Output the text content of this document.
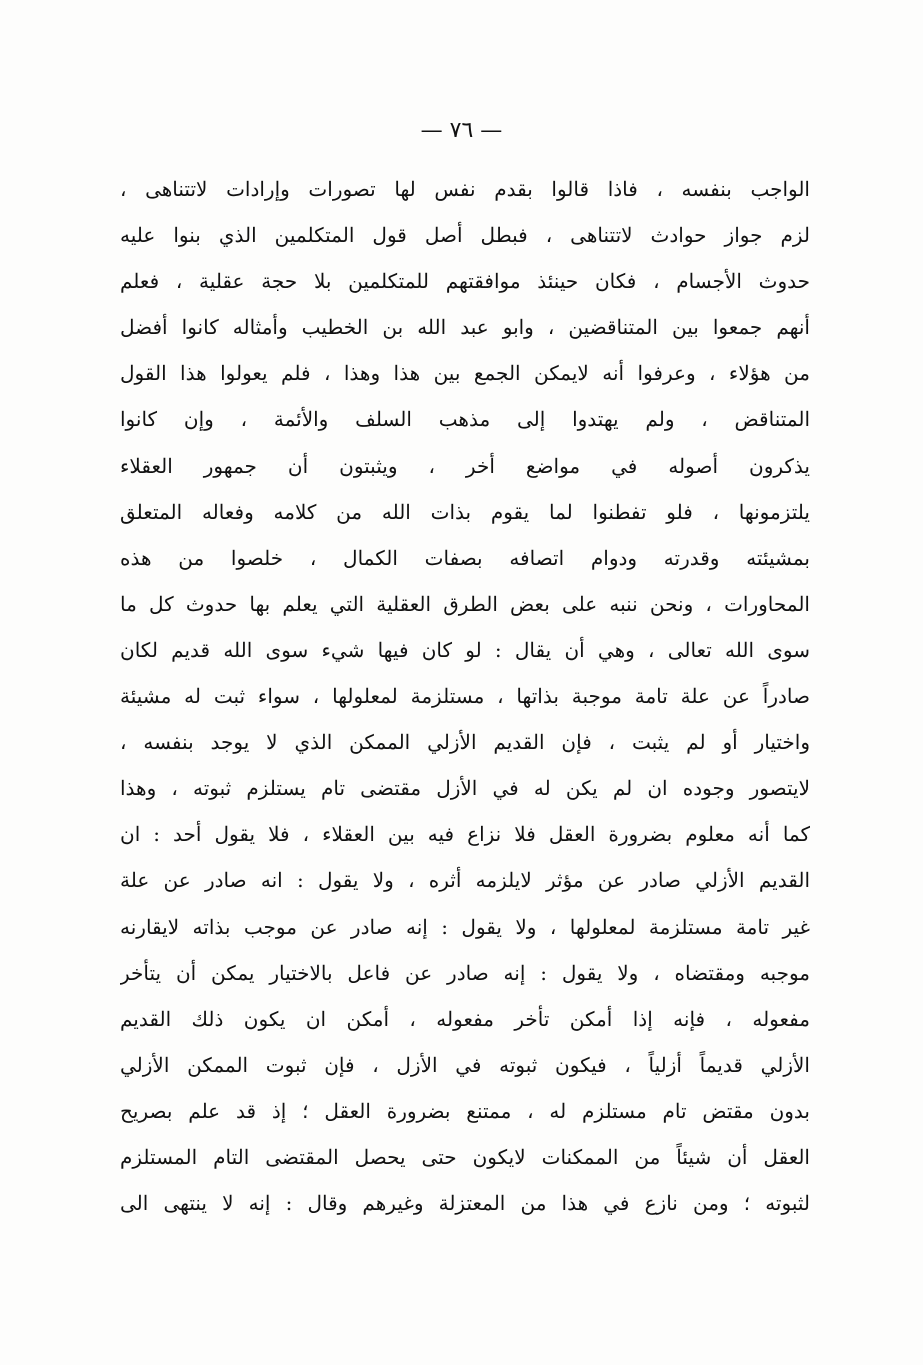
— ٧٦ —
الواجب بنفسه ، فاذا قالوا بقدم نفس لها تصورات وإرادات لاتتناهى ،
لزم جواز حوادث لاتتناهى ، فبطل أصل قول المتكلمين الذي بنوا عليه
حدوث الأجسام ، فكان حينئذ موافقتهم للمتكلمين بلا حجة عقلية ، فعلم
أنهم جمعوا بين المتناقضين ، وابو عبد الله بن الخطيب وأمثاله كانوا أفضل
من هؤلاء ، وعرفوا أنه لايمكن الجمع بين هذا وهذا ، فلم يعولوا هذا القول
المتناقض ، ولم يهتدوا إلى مذهب السلف والأئمة ، وإن كانوا
يذكرون أصوله في مواضع أخر ، ويثبتون أن جمهور العقلاء
يلتزمونها ، فلو تفطنوا لما يقوم بذات الله من كلامه وفعاله المتعلق
بمشيئته وقدرته ودوام اتصافه بصفات الكمال ، خلصوا من هذه
المحاورات ، ونحن ننبه على بعض الطرق العقلية التي يعلم بها حدوث كل ما
سوى الله تعالى ، وهي أن يقال : لو كان فيها شيء سوى الله قديم لكان
صادراً عن علة تامة موجبة بذاتها ، مستلزمة لمعلولها ، سواء ثبت له مشيئة
واختيار أو لم يثبت ، فإن القديم الأزلي الممكن الذي لا يوجد بنفسه ،
لايتصور وجوده ان لم يكن له في الأزل مقتضى تام يستلزم ثبوته ، وهذا
كما أنه معلوم بضرورة العقل فلا نزاع فيه بين العقلاء ، فلا يقول أحد : ان
القديم الأزلي صادر عن مؤثر لايلزمه أثره ، ولا يقول : انه صادر عن علة
غير تامة مستلزمة لمعلولها ، ولا يقول : إنه صادر عن موجب بذاته لايقارنه
موجبه ومقتضاه ، ولا يقول : إنه صادر عن فاعل بالاختيار يمكن أن يتأخر
مفعوله ، فإنه إذا أمكن تأخر مفعوله ، أمكن ان يكون ذلك القديم
الأزلي قديماً أزلياً ، فيكون ثبوته في الأزل ، فإن ثبوت الممكن الأزلي
بدون مقتض تام مستلزم له ، ممتنع بضرورة العقل ؛ إذ قد علم بصريح
العقل أن شيئاً من الممكنات لايكون حتى يحصل المقتضى التام المستلزم
لثبوته ؛ ومن نازع في هذا من المعتزلة وغيرهم وقال : إنه لا ينتهى الى
